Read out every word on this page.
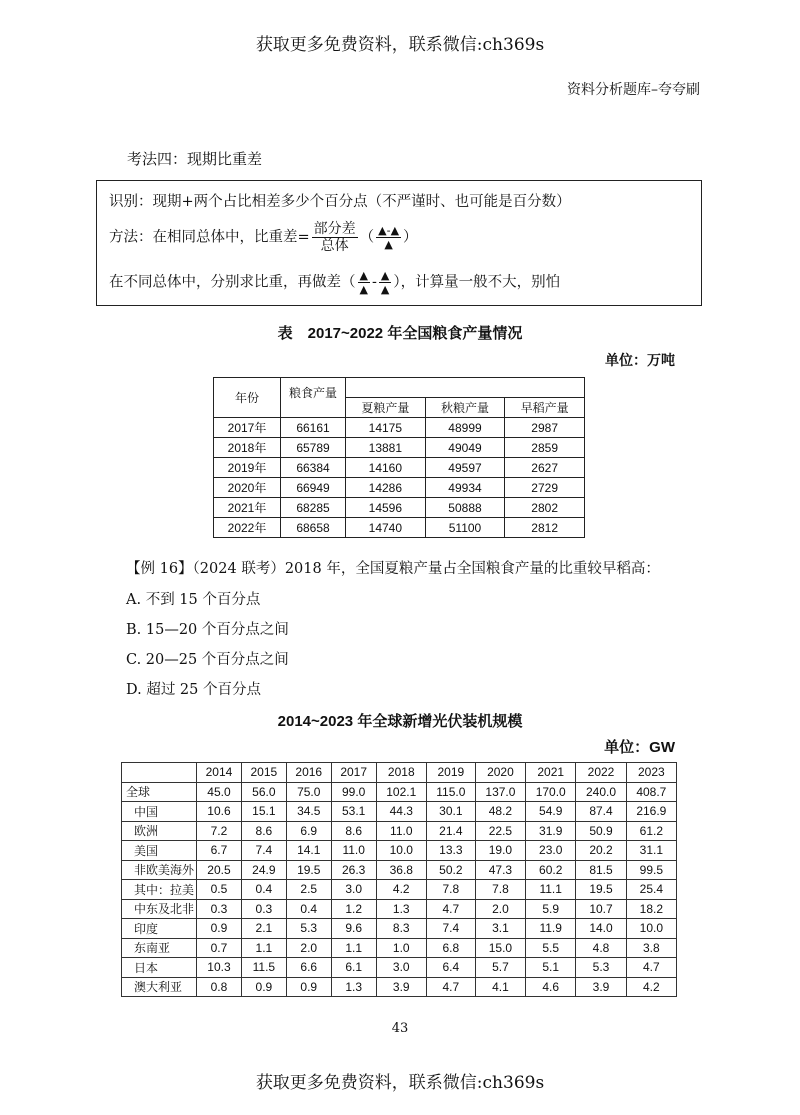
获取更多免费资料，联系微信:ch369s
资料分析题库–夸夸刷
考法四：现期比重差
识别：现期+两个占比相差多少个百分点（不严谨时、也可能是百分数）
方法：在相同总体中，比重差= $\frac{\text{部分差}}{\text{总体}}$ （ $\frac{▲-▲}{▲}$ ）
在不同总体中，分别求比重，再做差（ $\frac{▲}{▲} - \frac{▲}{▲}$ ），计算量一般不大，别怕
表　2017~2022 年全国粮食产量情况
单位：万吨
年份	粮食产量			
		夏粮产量	秋粮产量	早稻产量
2017年	66161	14175	48999	2987
2018年	65789	13881	49049	2859
2019年	66384	14160	49597	2627
2020年	66949	14286	49934	2729
2021年	68285	14596	50888	2802
2022年	68658	14740	51100	2812
【例 16】（2024 联考）2018 年，全国夏粮产量占全国粮食产量的比重较早稻高：
A. 不到 15 个百分点
B. 15—20 个百分点之间
C. 20—25 个百分点之间
D. 超过 25 个百分点
2014~2023 年全球新增光伏装机规模
单位：GW
	2014	2015	2016	2017	2018	2019	2020	2021	2022	2023
全球	45.0	56.0	75.0	99.0	102.1	115.0	137.0	170.0	240.0	408.7
中国	10.6	15.1	34.5	53.1	44.3	30.1	48.2	54.9	87.4	216.9
欧洲	7.2	8.6	6.9	8.6	11.0	21.4	22.5	31.9	50.9	61.2
美国	6.7	7.4	14.1	11.0	10.0	13.3	19.0	23.0	20.2	31.1
非欧美海外	20.5	24.9	19.5	26.3	36.8	50.2	47.3	60.2	81.5	99.5
其中：拉美	0.5	0.4	2.5	3.0	4.2	7.8	7.8	11.1	19.5	25.4
中东及北非	0.3	0.3	0.4	1.2	1.3	4.7	2.0	5.9	10.7	18.2
印度	0.9	2.1	5.3	9.6	8.3	7.4	3.1	11.9	14.0	10.0
东南亚	0.7	1.1	2.0	1.1	1.0	6.8	15.0	5.5	4.8	3.8
日本	10.3	11.5	6.6	6.1	3.0	6.4	5.7	5.1	5.3	4.7
澳大利亚	0.8	0.9	0.9	1.3	3.9	4.7	4.1	4.6	3.9	4.2
43
获取更多免费资料，联系微信:ch369s
